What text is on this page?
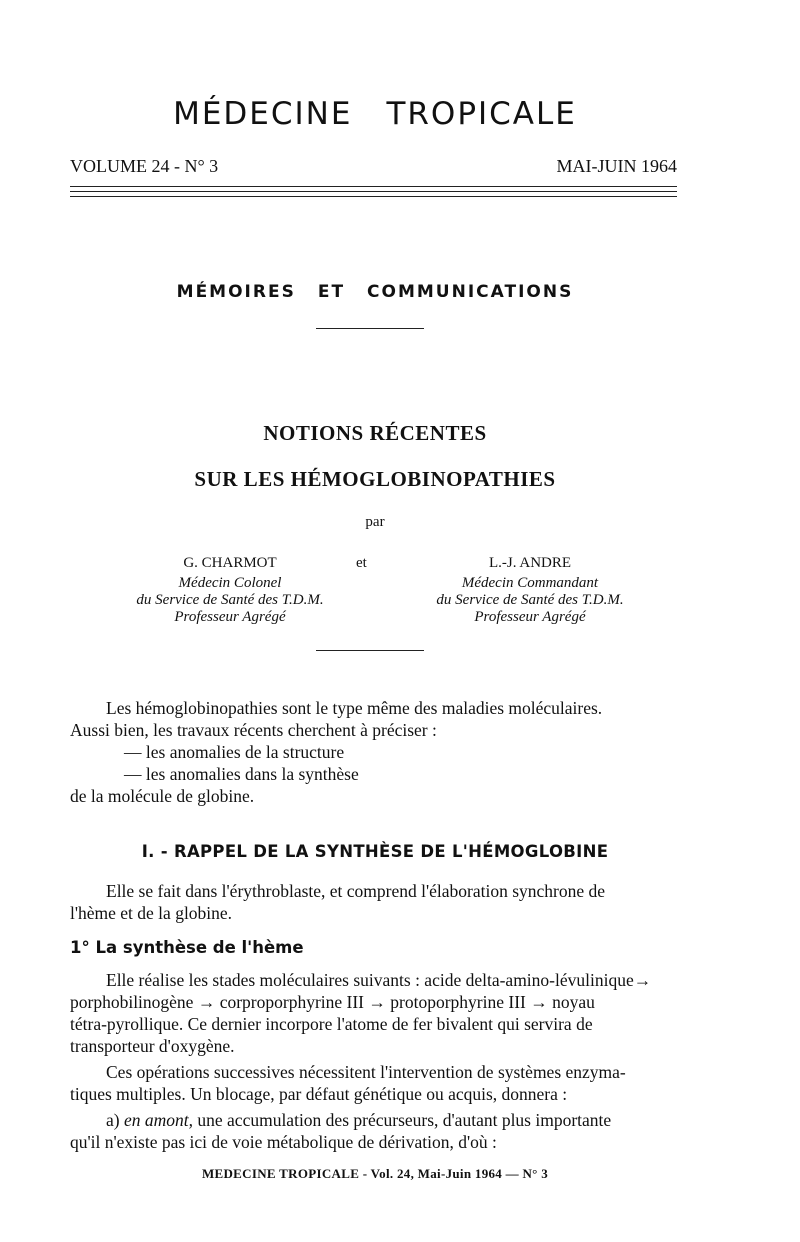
MÉDECINE TROPICALE
VOLUME 24 - N° 3	MAI-JUIN 1964
MÉMOIRES ET COMMUNICATIONS
NOTIONS RÉCENTES
SUR LES HÉMOGLOBINOPATHIES
par
G. CHARMOT
Médecin Colonel
du Service de Santé des T.D.M.
Professeur Agrégé
et	L.-J. ANDRE
Médecin Commandant
du Service de Santé des T.D.M.
Professeur Agrégé
Les hémoglobinopathies sont le type même des maladies moléculaires.
Aussi bien, les travaux récents cherchent à préciser :
— les anomalies de la structure
— les anomalies dans la synthèse
de la molécule de globine.
I. - RAPPEL DE LA SYNTHÈSE DE L'HÉMOGLOBINE
Elle se fait dans l'érythroblaste, et comprend l'élaboration synchrone de
l'hème et de la globine.
1° La synthèse de l'hème
Elle réalise les stades moléculaires suivants : acide delta-amino-lévulinique→
porphobilinogène → corproporphyrine III → protoporphyrine III → noyau
tétra-pyrollique. Ce dernier incorpore l'atome de fer bivalent qui servira de
transporteur d'oxygène.
Ces opérations successives nécessitent l'intervention de systèmes enzyma-
tiques multiples. Un blocage, par défaut génétique ou acquis, donnera :
a) en amont, une accumulation des précurseurs, d'autant plus importante
qu'il n'existe pas ici de voie métabolique de dérivation, d'où :
MEDECINE TROPICALE - Vol. 24, Mai-Juin 1964 — N° 3
